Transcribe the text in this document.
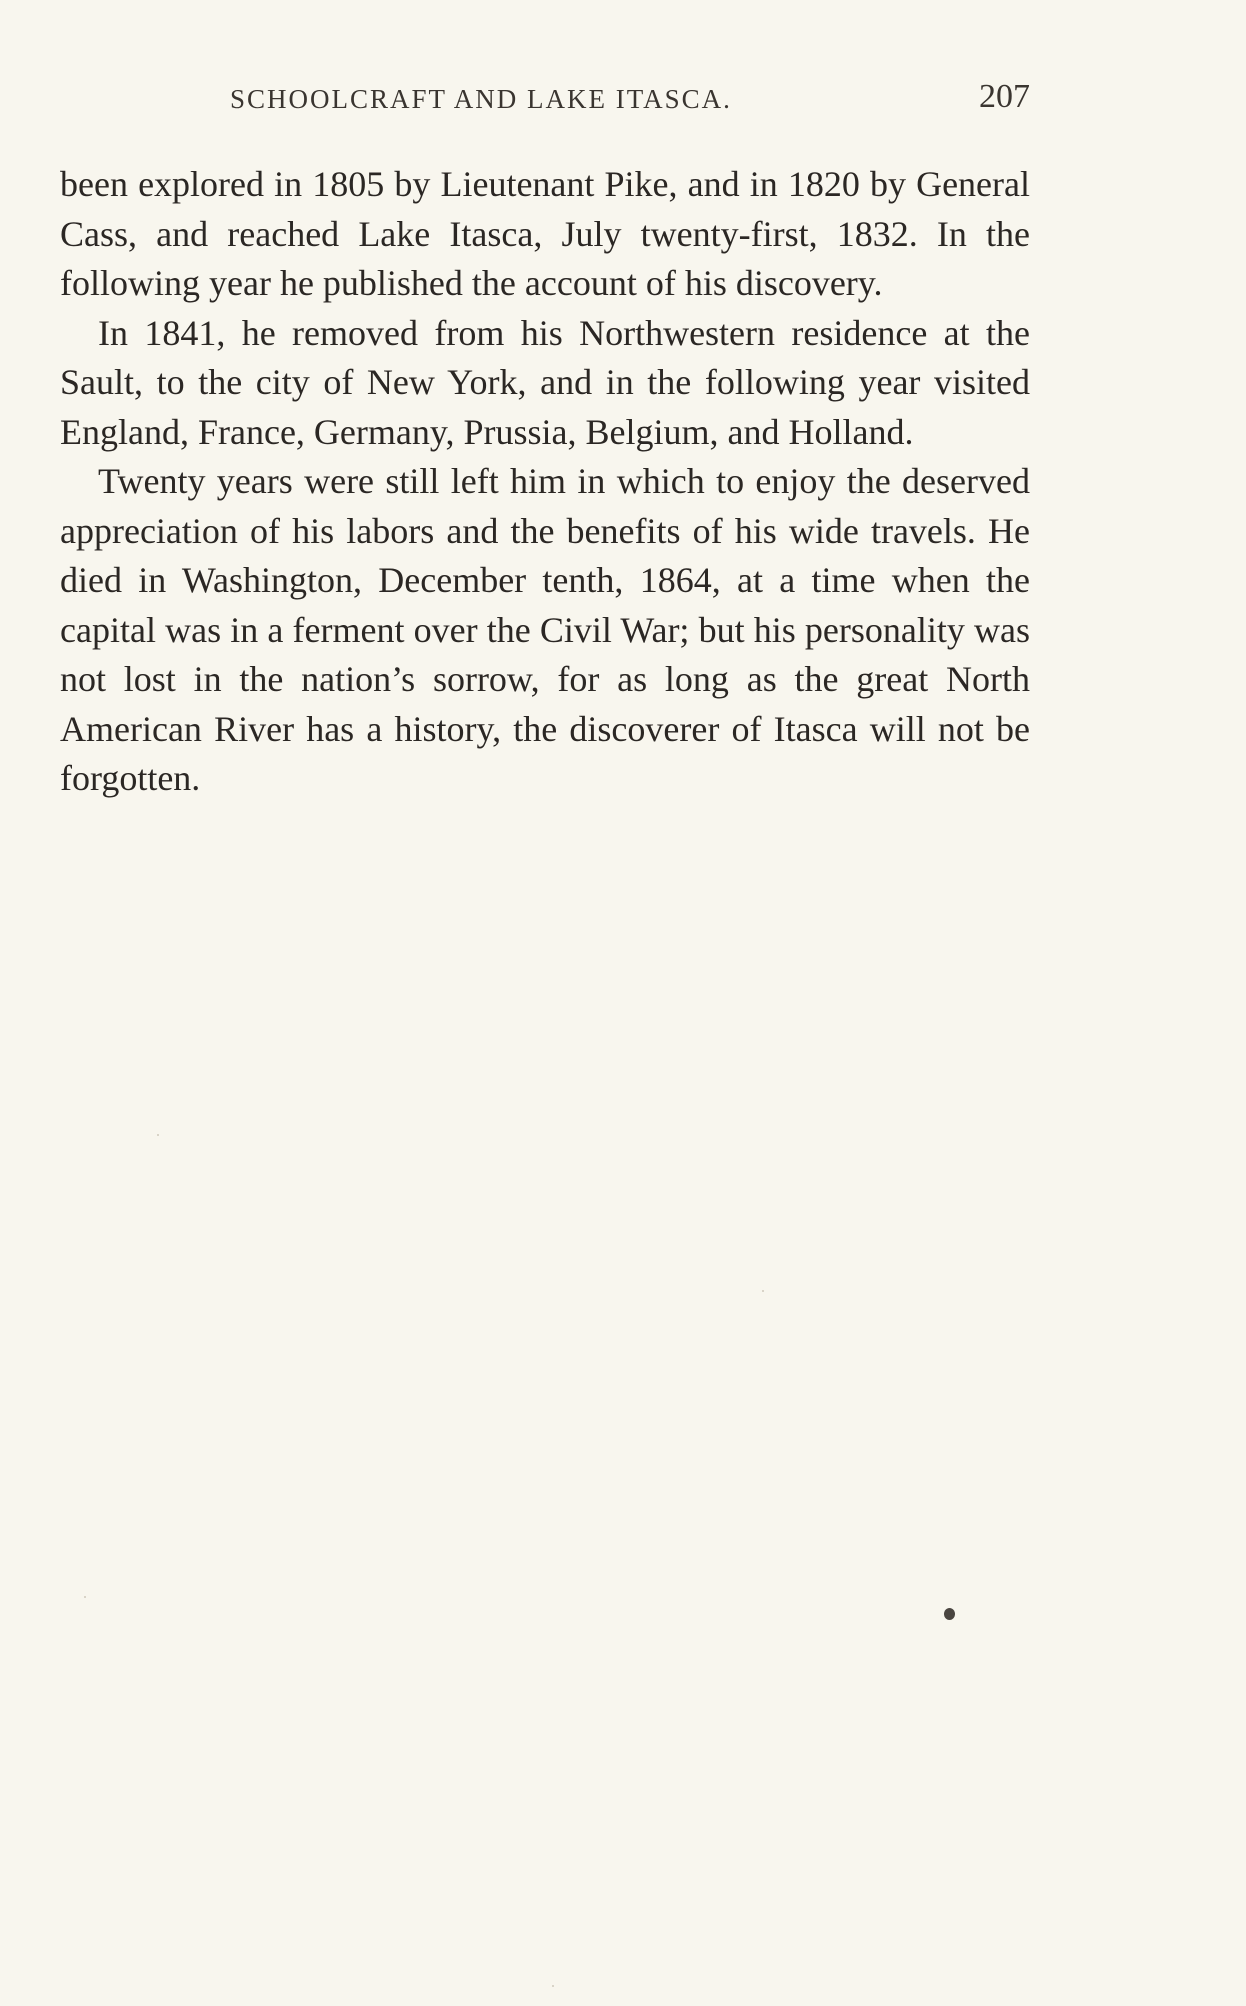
SCHOOLCRAFT AND LAKE ITASCA.	207

been explored in 1805 by Lieutenant Pike, and in 1820 by General Cass, and reached Lake Itasca, July twenty-first, 1832. In the following year he published the account of his discovery.

In 1841, he removed from his Northwestern residence at the Sault, to the city of New York, and in the following year visited England, France, Germany, Prussia, Belgium, and Holland.

Twenty years were still left him in which to enjoy the deserved appreciation of his labors and the benefits of his wide travels. He died in Washington, December tenth, 1864, at a time when the capital was in a ferment over the Civil War; but his personality was not lost in the nation’s sorrow, for as long as the great North American River has a history, the discoverer of Itasca will not be forgotten.
